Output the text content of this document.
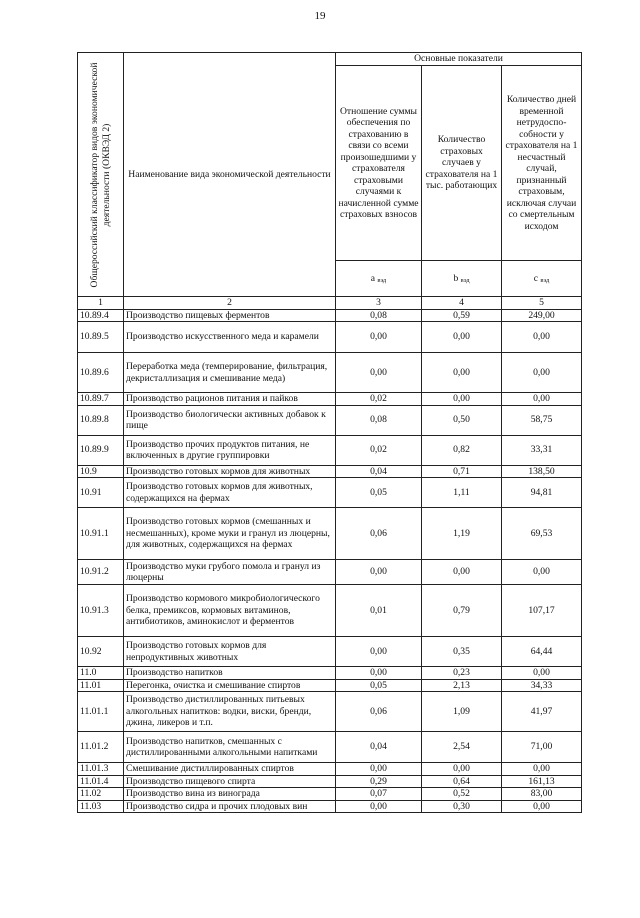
19
Общероссийский классификатор видов экономической деятельности (ОКВЭД 2)	Наименование вида экономической деятельности	Основные показатели		
		Отношение суммы обеспечения по страхованию в связи со всеми произошедшими у страхователя страховыми случаями к начисленной сумме страховых взносов	Количество страховых случаев у страхователя на 1 тыс. работающих	Количество дней временной нетрудоспо-собности у страхователя на 1 несчастный случай, признанный страховым, исключая случаи со смертельным исходом
		а вэд	b вэд	c вэд
1	2	3	4	5
10.89.4	Производство пищевых ферментов	0,08	0,59	249,00
10.89.5	Производство искусственного меда и карамели	0,00	0,00	0,00
10.89.6	Переработка меда (темперирование, фильтрация, декристаллизация и смешивание меда)	0,00	0,00	0,00
10.89.7	Производство рационов питания и пайков	0,02	0,00	0,00
10.89.8	Производство биологически активных добавок к пище	0,08	0,50	58,75
10.89.9	Производство прочих продуктов питания, не включенных в другие группировки	0,02	0,82	33,31
10.9	Производство готовых кормов для животных	0,04	0,71	138,50
10.91	Производство готовых кормов для животных, содержащихся на фермах	0,05	1,11	94,81
10.91.1	Производство готовых кормов (смешанных и несмешанных), кроме муки и гранул из люцерны, для животных, содержащихся на фермах	0,06	1,19	69,53
10.91.2	Производство муки грубого помола и гранул из люцерны	0,00	0,00	0,00
10.91.3	Производство кормового микробиологического белка, премиксов, кормовых витаминов, антибиотиков, аминокислот и ферментов	0,01	0,79	107,17
10.92	Производство готовых кормов для непродуктивных животных	0,00	0,35	64,44
11.0	Производство напитков	0,00	0,23	0,00
11.01	Перегонка, очистка и смешивание спиртов	0,05	2,13	34,33
11.01.1	Производство дистиллированных питьевых алкогольных напитков: водки, виски, бренди, джина, ликеров и т.п.	0,06	1,09	41,97
11.01.2	Производство напитков, смешанных с дистиллированными алкогольными напитками	0,04	2,54	71,00
11.01.3	Смешивание дистиллированных спиртов	0,00	0,00	0,00
11.01.4	Производство пищевого спирта	0,29	0,64	161,13
11.02	Производство вина из винограда	0,07	0,52	83,00
11.03	Производство сидра и прочих плодовых вин	0,00	0,30	0,00
